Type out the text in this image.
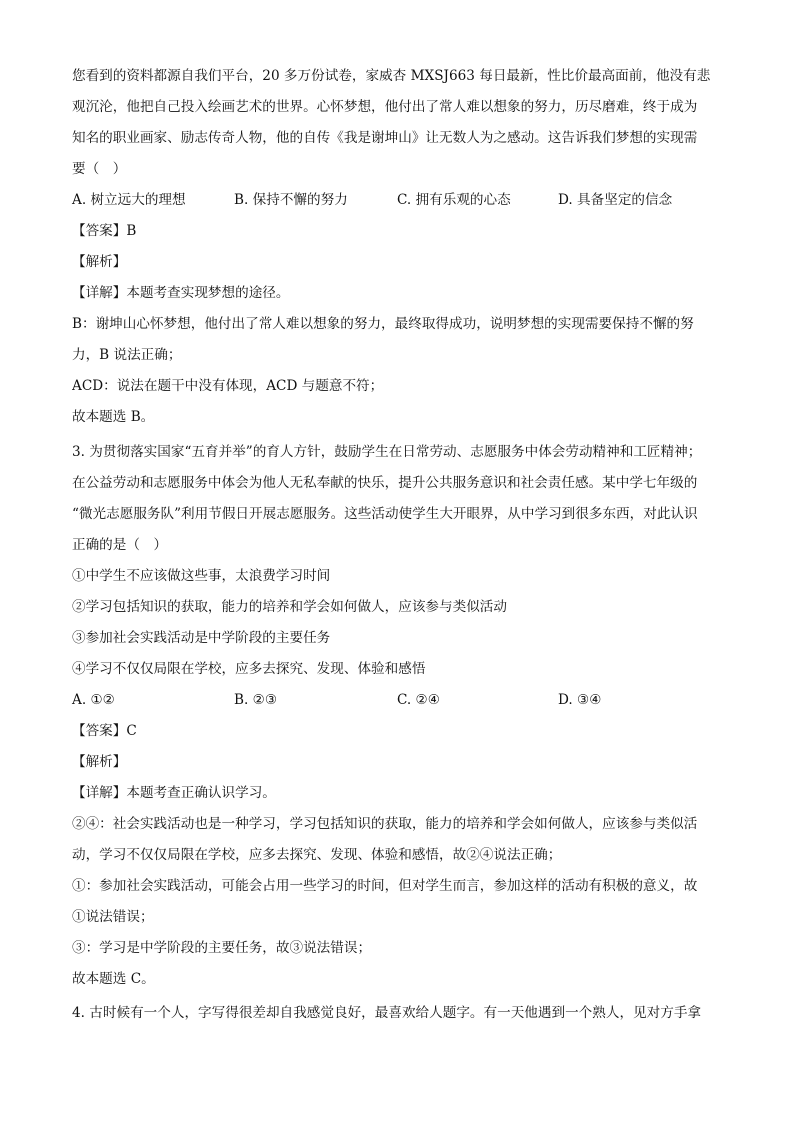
您看到的资料都源自我们平台，20 多万份试卷，家威杏 MXSJ663 每日最新，性比价最高面前，他没有悲
观沉沦，他把自己投入绘画艺术的世界。心怀梦想，他付出了常人难以想象的努力，历尽磨难，终于成为
知名的职业画家、励志传奇人物，他的自传《我是谢坤山》让无数人为之感动。这告诉我们梦想的实现需
要（　）
A. 树立远大的理想	B. 保持不懈的努力	C. 拥有乐观的心态	D. 具备坚定的信念
【答案】B
【解析】
【详解】本题考查实现梦想的途径。
B：谢坤山心怀梦想，他付出了常人难以想象的努力，最终取得成功，说明梦想的实现需要保持不懈的努
力，B 说法正确；
ACD：说法在题干中没有体现，ACD 与题意不符；
故本题选 B。
3. 为贯彻落实国家“五育并举”的育人方针，鼓励学生在日常劳动、志愿服务中体会劳动精神和工匠精神；
在公益劳动和志愿服务中体会为他人无私奉献的快乐，提升公共服务意识和社会责任感。某中学七年级的
“微光志愿服务队”利用节假日开展志愿服务。这些活动使学生大开眼界，从中学习到很多东西，对此认识
正确的是（　）
①中学生不应该做这些事，太浪费学习时间
②学习包括知识的获取，能力的培养和学会如何做人，应该参与类似活动
③参加社会实践活动是中学阶段的主要任务
④学习不仅仅局限在学校，应多去探究、发现、体验和感悟
A. ①②	B. ②③	C. ②④	D. ③④
【答案】C
【解析】
【详解】本题考查正确认识学习。
②④：社会实践活动也是一种学习，学习包括知识的获取，能力的培养和学会如何做人，应该参与类似活
动，学习不仅仅局限在学校，应多去探究、发现、体验和感悟，故②④说法正确；
①：参加社会实践活动，可能会占用一些学习的时间，但对学生而言，参加这样的活动有积极的意义，故
①说法错误；
③：学习是中学阶段的主要任务，故③说法错误；
故本题选 C。
4. 古时候有一个人，字写得很差却自我感觉良好，最喜欢给人题字。有一天他遇到一个熟人，见对方手拿
